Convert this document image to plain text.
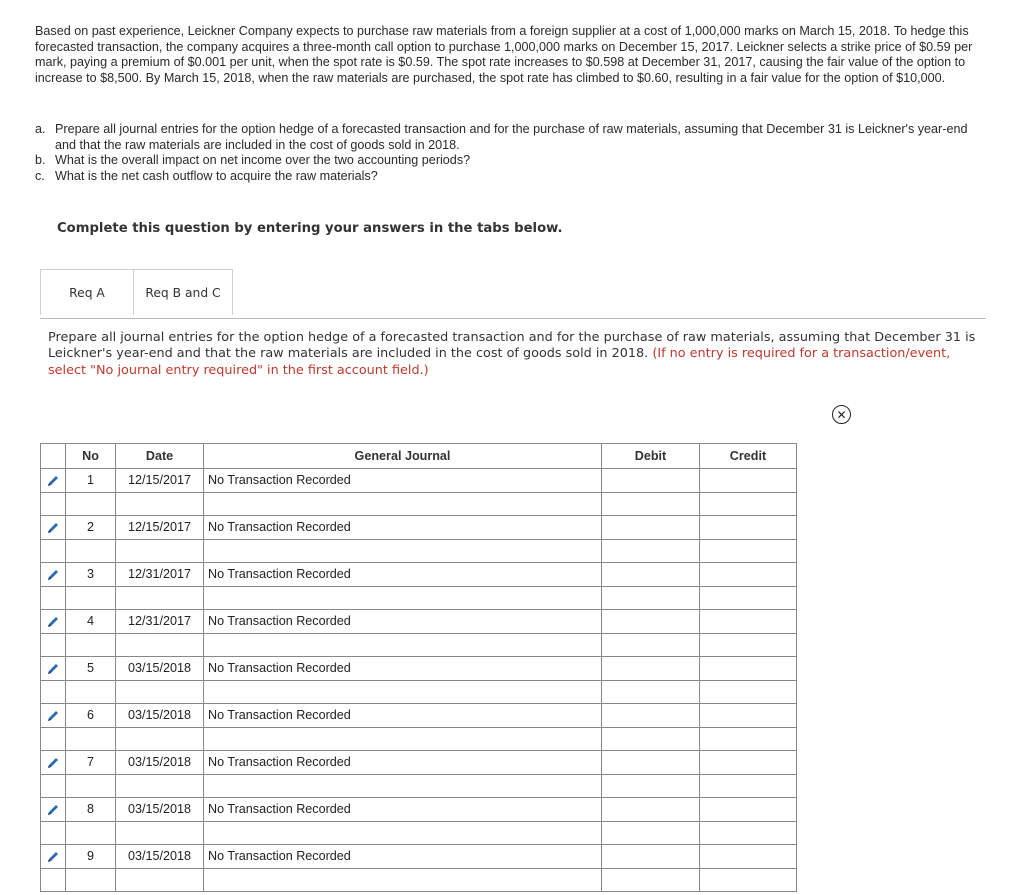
Based on past experience, Leickner Company expects to purchase raw materials from a foreign supplier at a cost of 1,000,000 marks on March 15, 2018. To hedge this forecasted transaction, the company acquires a three-month call option to purchase 1,000,000 marks on December 15, 2017. Leickner selects a strike price of $0.59 per mark, paying a premium of $0.001 per unit, when the spot rate is $0.59. The spot rate increases to $0.598 at December 31, 2017, causing the fair value of the option to increase to $8,500. By March 15, 2018, when the raw materials are purchased, the spot rate has climbed to $0.60, resulting in a fair value for the option of $10,000.

a. Prepare all journal entries for the option hedge of a forecasted transaction and for the purchase of raw materials, assuming that December 31 is Leickner's year-end and that the raw materials are included in the cost of goods sold in 2018.
b. What is the overall impact on net income over the two accounting periods?
c. What is the net cash outflow to acquire the raw materials?
Complete this question by entering your answers in the tabs below.
Req A	Req B and C
Prepare all journal entries for the option hedge of a forecasted transaction and for the purchase of raw materials, assuming that December 31 is Leickner's year-end and that the raw materials are included in the cost of goods sold in 2018. (If no entry is required for a transaction/event, select "No journal entry required" in the first account field.)
✕
	No	Date	General Journal	Debit	Credit
	1	12/15/2017	No Transaction Recorded		

	2	12/15/2017	No Transaction Recorded		

	3	12/31/2017	No Transaction Recorded		

	4	12/31/2017	No Transaction Recorded		

	5	03/15/2018	No Transaction Recorded		

	6	03/15/2018	No Transaction Recorded		

	7	03/15/2018	No Transaction Recorded		

	8	03/15/2018	No Transaction Recorded		

	9	03/15/2018	No Transaction Recorded		
